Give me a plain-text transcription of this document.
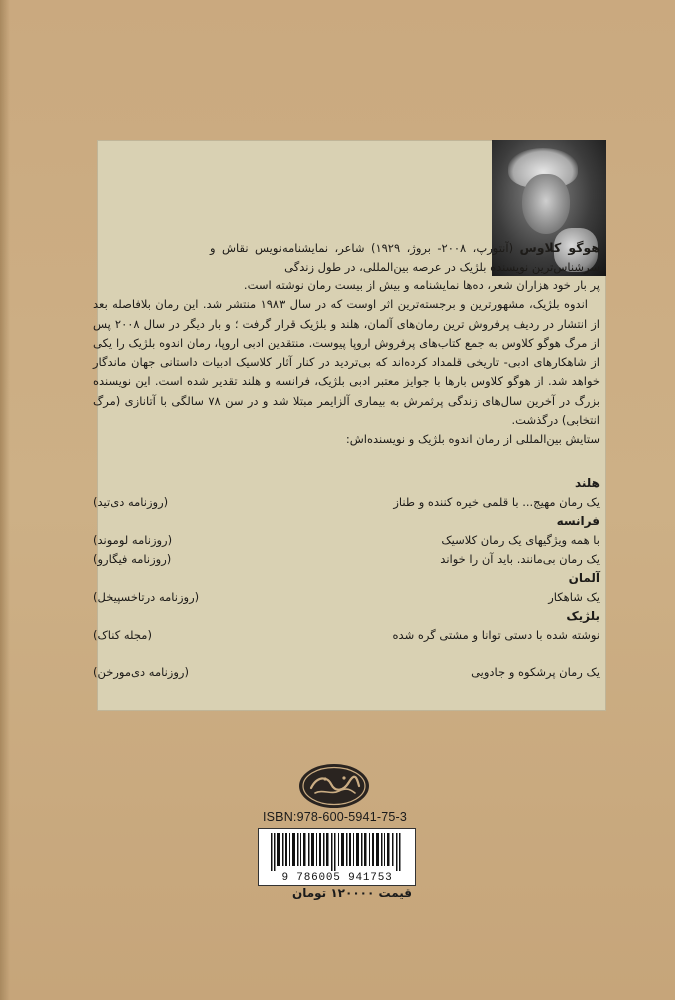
هوگو کلاوس (آنتورپ، ۲۰۰۸- بروژ، ۱۹۲۹) شاعر، نمایشنامه‌نویس نقاش و سرشناس‌ترین نویسنده بلژیک در عرصه بین‌المللی، در طول زندگی

پر بار خود هزاران شعر، ده‌ها نمایشنامه و بیش از بیست رمان نوشته است.

اندوه بلژیک، مشهورترین و برجسته‌ترین اثر اوست که در سال ۱۹۸۳ منتشر شد. این رمان بلافاصله بعد از انتشار در ردیف پرفروش ترین رمان‌های آلمان، هلند و بلژیک قرار گرفت ؛ و بار دیگر در سال ۲۰۰۸ پس از مرگ هوگو کلاوس به جمع کتاب‌های پرفروش اروپا پیوست. منتقدین ادبی اروپا، رمان اندوه بلژیک را یکی از شاهکارهای ادبی- تاریخی قلمداد کرده‌اند که بی‌تردید در کنار آثار کلاسیک ادبیات داستانی جهان ماندگار خواهد شد. از هوگو کلاوس بارها با جوایز معتبر ادبی بلژیک، فرانسه و هلند تقدیر شده است. این نویسنده بزرگ در آخرین سال‌های زندگی پرثمرش به بیماری آلزایمر مبتلا شد و در سن ۷۸ سالگی با آتانازی (مرگ انتخابی) درگذشت.

ستایش بین‌المللی از رمان اندوه بلژیک و نویسنده‌اش:

هلند

یک رمان مهیج... با قلمی خیره کننده و طناز
(روزنامه دی‌تید)

فرانسه

با همه ویژگیهای یک رمان کلاسیک
(روزنامه لوموند)
یک رمان بی‌مانند. باید آن را خواند
(روزنامه فیگارو)

آلمان

یک شاهکار
(روزنامه درتاخسپیخل)

بلژیک

نوشته شده با دستی توانا و مشتی گره شده
(مجله کناک)
یک رمان پرشکوه و جادویی
(روزنامه دی‌مورخن)
ISBN:978-600-5941-75-3
9 786005 941753
قیمت ۱۲۰۰۰۰ تومان
